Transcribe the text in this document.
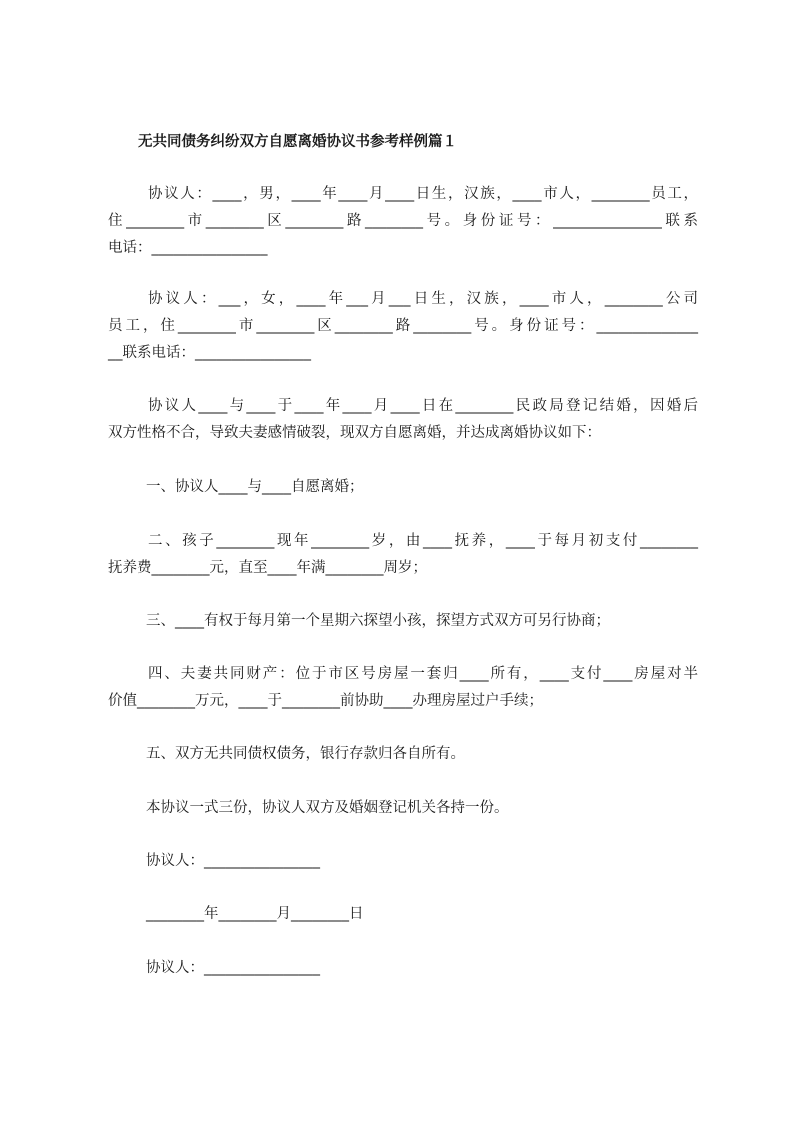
无共同债务纠纷双方自愿离婚协议书参考样例篇１
协议人：____，男，____年____月____日生，汉族，____市人，________员工，
住________市________区________路________号。身份证号：_______________联系
电话：________________
协议人：___，女，____年___月___日生，汉族，____市人，________公司
员工，住________市________区________路________号。身份证号：______________
__联系电话：________________
协议人____与____于____年____月____日在________民政局登记结婚，因婚后
双方性格不合，导致夫妻感情破裂，现双方自愿离婚，并达成离婚协议如下：
一、协议人____与____自愿离婚；
二、孩子________现年________岁，由____抚养，____于每月初支付________
抚养费________元，直至____年满________周岁；
三、____有权于每月第一个星期六探望小孩，探望方式双方可另行协商；
四、夫妻共同财产：位于市区号房屋一套归____所有，____支付____房屋对半
价值________万元，____于________前协助____办理房屋过户手续；
五、双方无共同债权债务，银行存款归各自所有。
本协议一式三份，协议人双方及婚姻登记机关各持一份。
协议人：________________
________年________月________日
协议人：________________
